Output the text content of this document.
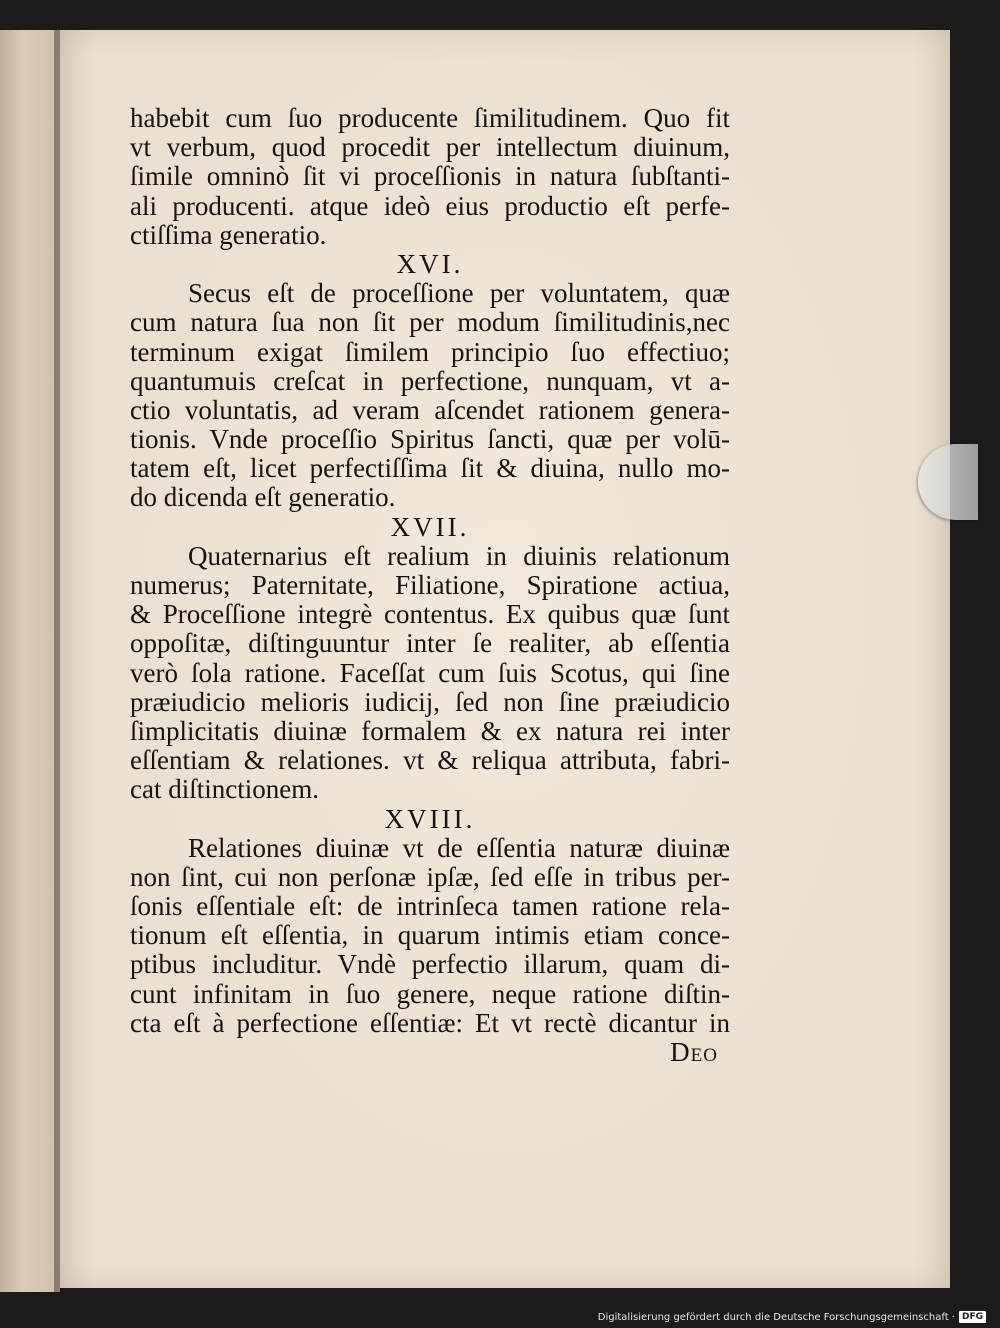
habebit cum ſuo producente ſimilitudinem. Quo fit
vt verbum, quod procedit per intellectum diuinum,
ſimile omninò ſit vi proceſſionis in natura ſubſtanti-
ali producenti. atque ideò eius productio eſt perfe-
ctiſſima generatio.
XVI.
Secus eſt de proceſſione per voluntatem, quæ
cum natura ſua non ſit per modum ſimilitudinis,nec
terminum exigat ſimilem principio ſuo effectiuo;
quantumuis creſcat in perfectione, nunquam, vt a-
ctio voluntatis, ad veram aſcendet rationem genera-
tionis. Vnde proceſſio Spiritus ſancti, quæ per volū-
tatem eſt, licet perfectiſſima ſit & diuina, nullo mo-
do dicenda eſt generatio.
XVII.
Quaternarius eſt realium in diuinis relationum
numerus; Paternitate, Filiatione, Spiratione actiua,
& Proceſſione integrè contentus. Ex quibus quæ ſunt
oppoſitæ, diſtinguuntur inter ſe realiter, ab eſſentia
verò ſola ratione. Faceſſat cum ſuis Scotus, qui ſine
præiudicio melioris iudicij, ſed non ſine præiudicio
ſimplicitatis diuinæ formalem & ex natura rei inter
eſſentiam & relationes. vt & reliqua attributa, fabri-
cat diſtinctionem.
XVIII.
Relationes diuinæ vt de eſſentia naturæ diuinæ
non ſint, cui non perſonæ ipſæ, ſed eſſe in tribus per-
ſonis eſſentiale eſt: de intrinſeca tamen ratione rela-
tionum eſt eſſentia, in quarum intimis etiam conce-
ptibus includitur. Vndè perfectio illarum, quam di-
cunt infinitam in ſuo genere, neque ratione diſtin-
cta eſt à perfectione eſſentiæ: Et vt rectè dicantur in
Deo
Digitalisierung gefördert durch die Deutsche Forschungsgemeinschaft · DFG
